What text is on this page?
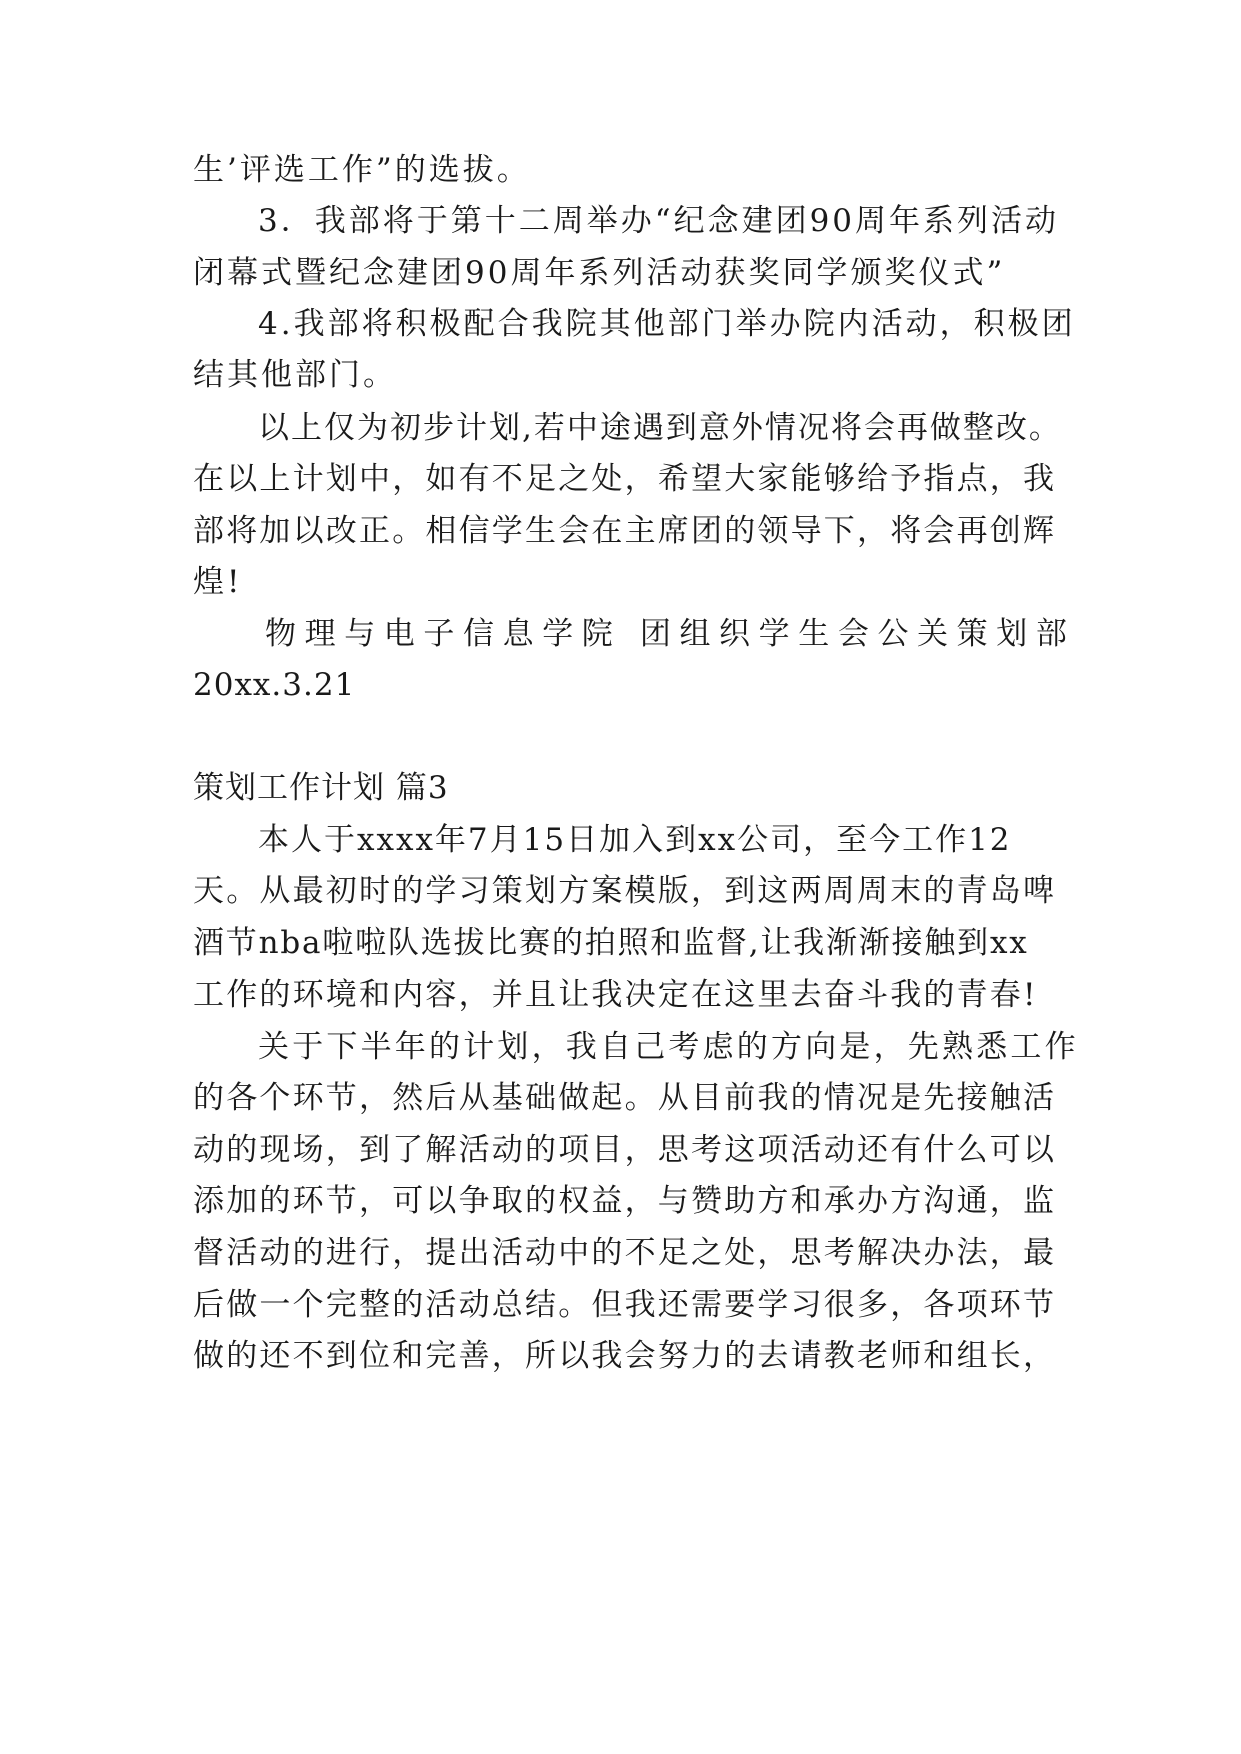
生’评选工作”的选拔。
3．我部将于第十二周举办“纪念建团90周年系列活动
闭幕式暨纪念建团90周年系列活动获奖同学颁奖仪式”
4.我部将积极配合我院其他部门举办院内活动，积极团
结其他部门。
以上仅为初步计划,若中途遇到意外情况将会再做整改。
在以上计划中，如有不足之处，希望大家能够给予指点，我
部将加以改正。相信学生会在主席团的领导下，将会再创辉
煌!
物理与电子信息学院 团组织学生会公关策划部
20xx.3.21
策划工作计划 篇3
本人于xxxx年7月15日加入到xx公司，至今工作12
天。从最初时的学习策划方案模版，到这两周周末的青岛啤
酒节nba啦啦队选拔比赛的拍照和监督,让我渐渐接触到xx
工作的环境和内容，并且让我决定在这里去奋斗我的青春!
关于下半年的计划，我自己考虑的方向是，先熟悉工作
的各个环节，然后从基础做起。从目前我的情况是先接触活
动的现场，到了解活动的项目，思考这项活动还有什么可以
添加的环节，可以争取的权益，与赞助方和承办方沟通，监
督活动的进行，提出活动中的不足之处，思考解决办法，最
后做一个完整的活动总结。但我还需要学习很多，各项环节
做的还不到位和完善，所以我会努力的去请教老师和组长，
